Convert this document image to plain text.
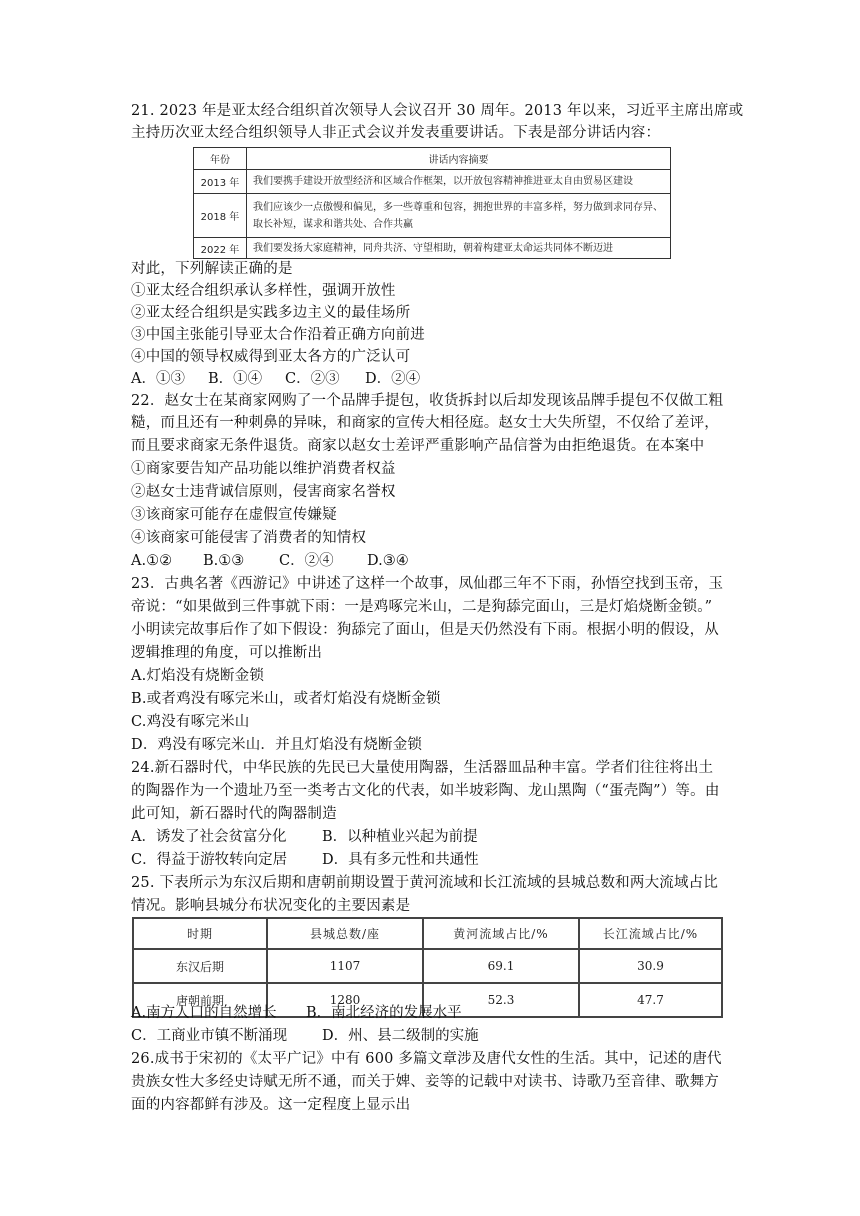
21. 2023 年是亚太经合组织首次领导人会议召开 30 周年。2013 年以来，习近平主席出席或
主持历次亚太经合组织领导人非正式会议并发表重要讲话。下表是部分讲话内容：
年份	讲话内容摘要
2013 年	我们要携手建设开放型经济和区域合作框架，以开放包容精神推进亚太自由贸易区建设
2018 年	我们应该少一点傲慢和偏见，多一些尊重和包容，拥抱世界的丰富多样，努力做到求同存异、
取长补短，谋求和谐共处、合作共赢

2022 年	我们要发扬大家庭精神，同舟共济、守望相助，朝着构建亚太命运共同体不断迈进
对此，下列解读正确的是
①亚太经合组织承认多样性，强调开放性
②亚太经合组织是实践多边主义的最佳场所
③中国主张能引导亚太合作沿着正确方向前进
④中国的领导权威得到亚太各方的广泛认可
A．①③ B．①④ C．②③ D．②④
22．赵女士在某商家网购了一个品牌手提包，收货拆封以后却发现该品牌手提包不仅做工粗
糙，而且还有一种刺鼻的异味，和商家的宣传大相径庭。赵女士大失所望，不仅给了差评，
而且要求商家无条件退货。商家以赵女士差评严重影响产品信誉为由拒绝退货。在本案中
①商家要告知产品功能以维护消费者权益
②赵女士违背诚信原则，侵害商家名誉权
③该商家可能存在虚假宣传嫌疑
④该商家可能侵害了消费者的知情权
A.①② B.①③ C．②④ D.③④
23．古典名著《西游记》中讲述了这样一个故事，凤仙郡三年不下雨，孙悟空找到玉帝，玉
帝说：“如果做到三件事就下雨：一是鸡啄完米山，二是狗舔完面山，三是灯焰烧断金锁。”
小明读完故事后作了如下假设：狗舔完了面山，但是天仍然没有下雨。根据小明的假设，从
逻辑推理的角度，可以推断出
A.灯焰没有烧断金锁
B.或者鸡没有啄完米山，或者灯焰没有烧断金锁
C.鸡没有啄完米山
D．鸡没有啄完米山．并且灯焰没有烧断金锁
24.新石器时代，中华民族的先民已大量使用陶器，生活器皿品种丰富。学者们往往将出土
的陶器作为一个遗址乃至一类考古文化的代表，如半坡彩陶、龙山黑陶（“蛋壳陶”）等。由
此可知，新石器时代的陶器制造
A．诱发了社会贫富分化 B．以种植业兴起为前提
C．得益于游牧转向定居 D．具有多元性和共通性
25. 下表所示为东汉后期和唐朝前期设置于黄河流域和长江流域的县城总数和两大流域占比
情况。影响县城分布状况变化的主要因素是
时期	县城总数/座	黄河流域占比/%	长江流域占比/%
东汉后期	1107	69.1	30.9
唐朝前期	1280	52.3	47.7
A.南方人口的自然增长 B．南北经济的发展水平
C．工商业市镇不断涌现 D．州、县二级制的实施
26.成书于宋初的《太平广记》中有 600 多篇文章涉及唐代女性的生活。其中，记述的唐代
贵族女性大多经史诗赋无所不通，而关于婢、妾等的记载中对读书、诗歌乃至音律、歌舞方
面的内容都鲜有涉及。这一定程度上显示出
